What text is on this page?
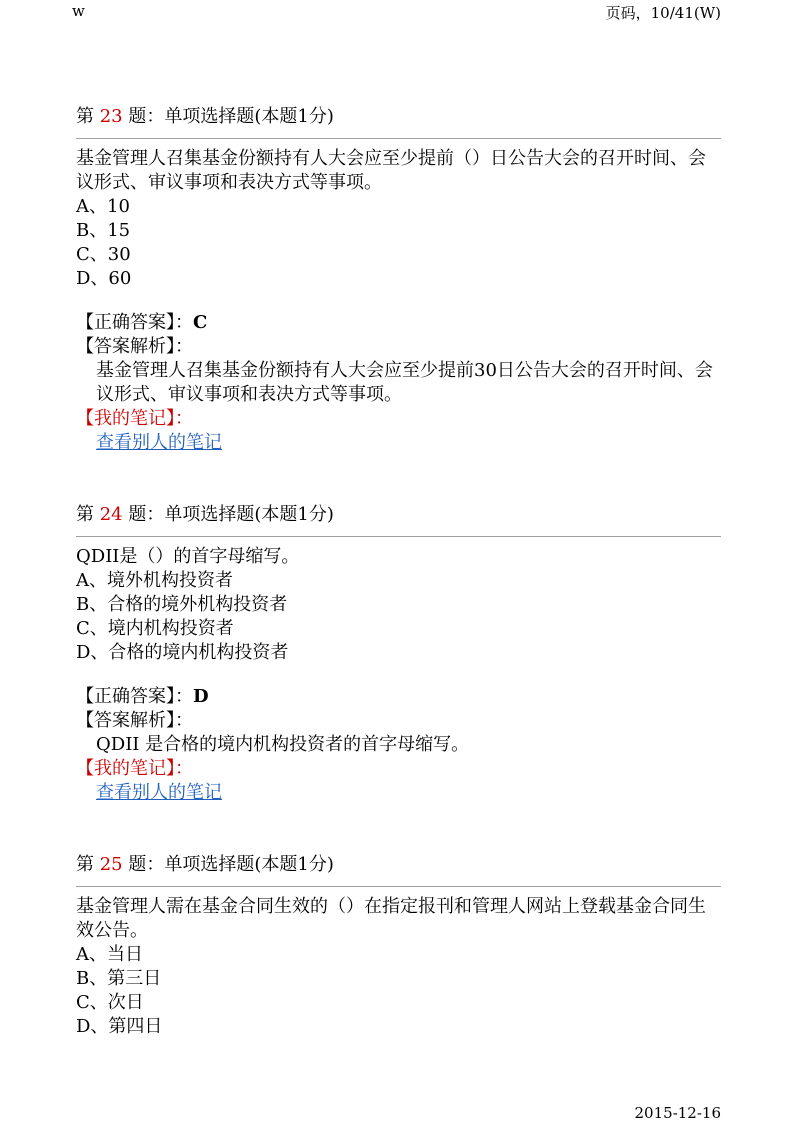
w	页码，10/41(W)
第 23 题：单项选择题(本题1分)
基金管理人召集基金份额持有人大会应至少提前（）日公告大会的召开时间、会议形式、审议事项和表决方式等事项。
A、10
B、15
C、30
D、60
【正确答案】：C
【答案解析】：
基金管理人召集基金份额持有人大会应至少提前30日公告大会的召开时间、会议形式、审议事项和表决方式等事项。
【我的笔记】：
查看别人的笔记
第 24 题：单项选择题(本题1分)
QDII是（）的首字母缩写。
A、境外机构投资者
B、合格的境外机构投资者
C、境内机构投资者
D、合格的境内机构投资者
【正确答案】：D
【答案解析】：
QDII 是合格的境内机构投资者的首字母缩写。
【我的笔记】：
查看别人的笔记
第 25 题：单项选择题(本题1分)
基金管理人需在基金合同生效的（）在指定报刊和管理人网站上登载基金合同生效公告。
A、当日
B、第三日
C、次日
D、第四日
2015-12-16
